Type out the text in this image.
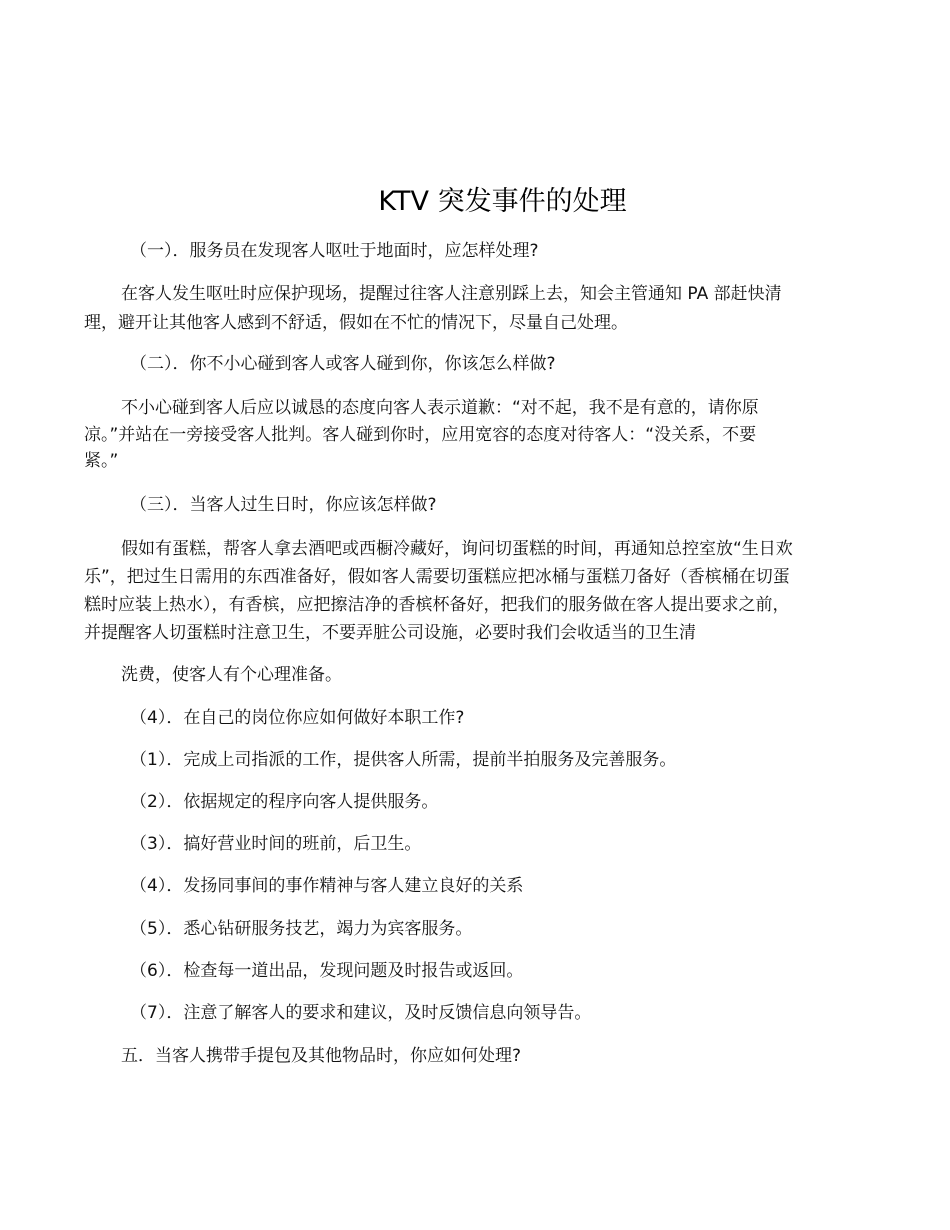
KTV 突发事件的处理
（一）．服务员在发现客人呕吐于地面时，应怎样处理?
在客人发生呕吐时应保护现场，提醒过往客人注意别踩上去，知会主管通知 PA 部赶快清
理，避开让其他客人感到不舒适，假如在不忙的情况下，尽量自己处理。
（二）．你不小心碰到客人或客人碰到你，你该怎么样做?
不小心碰到客人后应以诚恳的态度向客人表示道歉：“对不起，我不是有意的，请你原
凉。”并站在一旁接受客人批判。客人碰到你时，应用宽容的态度对待客人：“没关系，不要
紧。”
（三）．当客人过生日时，你应该怎样做?
假如有蛋糕，帮客人拿去酒吧或西橱冷藏好，询问切蛋糕的时间，再通知总控室放“生日欢
乐”，把过生日需用的东西准备好，假如客人需要切蛋糕应把冰桶与蛋糕刀备好（香槟桶在切蛋
糕时应装上热水），有香槟，应把擦洁净的香槟杯备好，把我们的服务做在客人提出要求之前，
并提醒客人切蛋糕时注意卫生，不要弄脏公司设施，必要时我们会收适当的卫生清
洗费，使客人有个心理准备。
（4）．在自己的岗位你应如何做好本职工作?
（1）．完成上司指派的工作，提供客人所需，提前半拍服务及完善服务。
（2）．依据规定的程序向客人提供服务。
（3）．搞好营业时间的班前，后卫生。
（4）．发扬同事间的事作精神与客人建立良好的关系
（5）．悉心钻研服务技艺，竭力为宾客服务。
（6）．检查每一道出品，发现问题及时报告或返回。
（7）．注意了解客人的要求和建议，及时反馈信息向领导告。
五．当客人携带手提包及其他物品时，你应如何处理?
